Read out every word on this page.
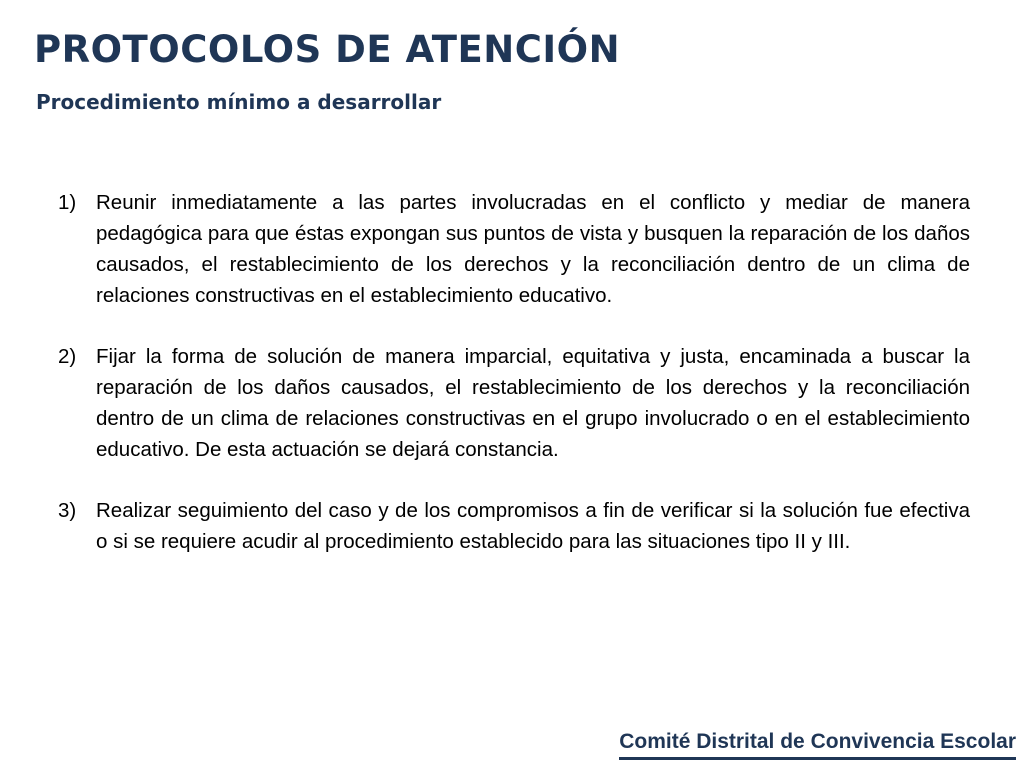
PROTOCOLOS DE ATENCIÓN
Procedimiento mínimo a desarrollar
1) Reunir inmediatamente a las partes involucradas en el conflicto y mediar de manera pedagógica para que éstas expongan sus puntos de vista y busquen la reparación de los daños causados, el restablecimiento de los derechos y la reconciliación dentro de un clima de relaciones constructivas en el establecimiento educativo.
2) Fijar la forma de solución de manera imparcial, equitativa y justa, encaminada a buscar la reparación de los daños causados, el restablecimiento de los derechos y la reconciliación dentro de un clima de relaciones constructivas en el grupo involucrado o en el establecimiento educativo. De esta actuación se dejará constancia.
3) Realizar seguimiento del caso y de los compromisos a fin de verificar si la solución fue efectiva o si se requiere acudir al procedimiento establecido para las situaciones tipo II y III.
Comité Distrital de Convivencia Escolar
